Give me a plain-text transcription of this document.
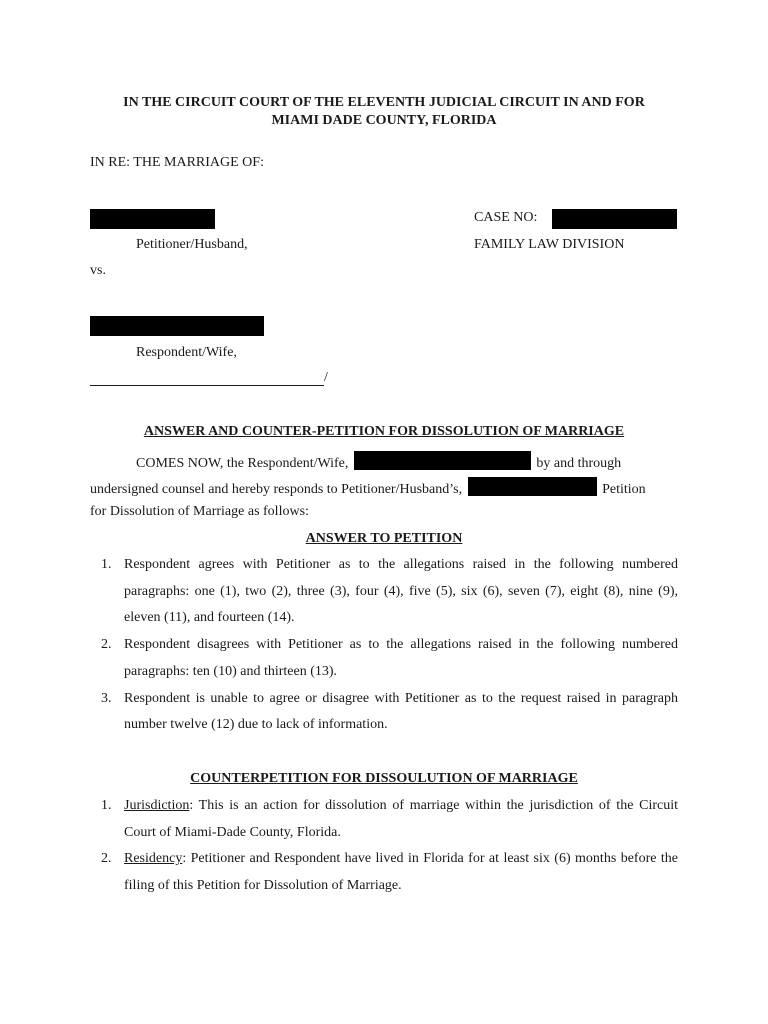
IN THE CIRCUIT COURT OF THE ELEVENTH JUDICIAL CIRCUIT IN AND FOR
MIAMI DADE COUNTY, FLORIDA
IN RE: THE MARRIAGE OF:
CASE NO:
Petitioner/Husband,	FAMILY LAW DIVISION
vs.
Respondent/Wife,
/
ANSWER AND COUNTER-PETITION FOR DISSOLUTION OF MARRIAGE
COMES NOW, the Respondent/Wife,	by and through
undersigned counsel and hereby responds to Petitioner/Husband’s,	Petition
for Dissolution of Marriage as follows:
ANSWER TO PETITION
1. Respondent agrees with Petitioner as to the allegations raised in the following numbered paragraphs: one (1), two (2), three (3), four (4), five (5), six (6), seven (7), eight (8), nine (9), eleven (11), and fourteen (14).
2. Respondent disagrees with Petitioner as to the allegations raised in the following numbered paragraphs: ten (10) and thirteen (13).
3. Respondent is unable to agree or disagree with Petitioner as to the request raised in paragraph number twelve (12) due to lack of information.
COUNTERPETITION FOR DISSOULUTION OF MARRIAGE
1. Jurisdiction: This is an action for dissolution of marriage within the jurisdiction of the Circuit Court of Miami-Dade County, Florida.
2. Residency: Petitioner and Respondent have lived in Florida for at least six (6) months before the filing of this Petition for Dissolution of Marriage.
